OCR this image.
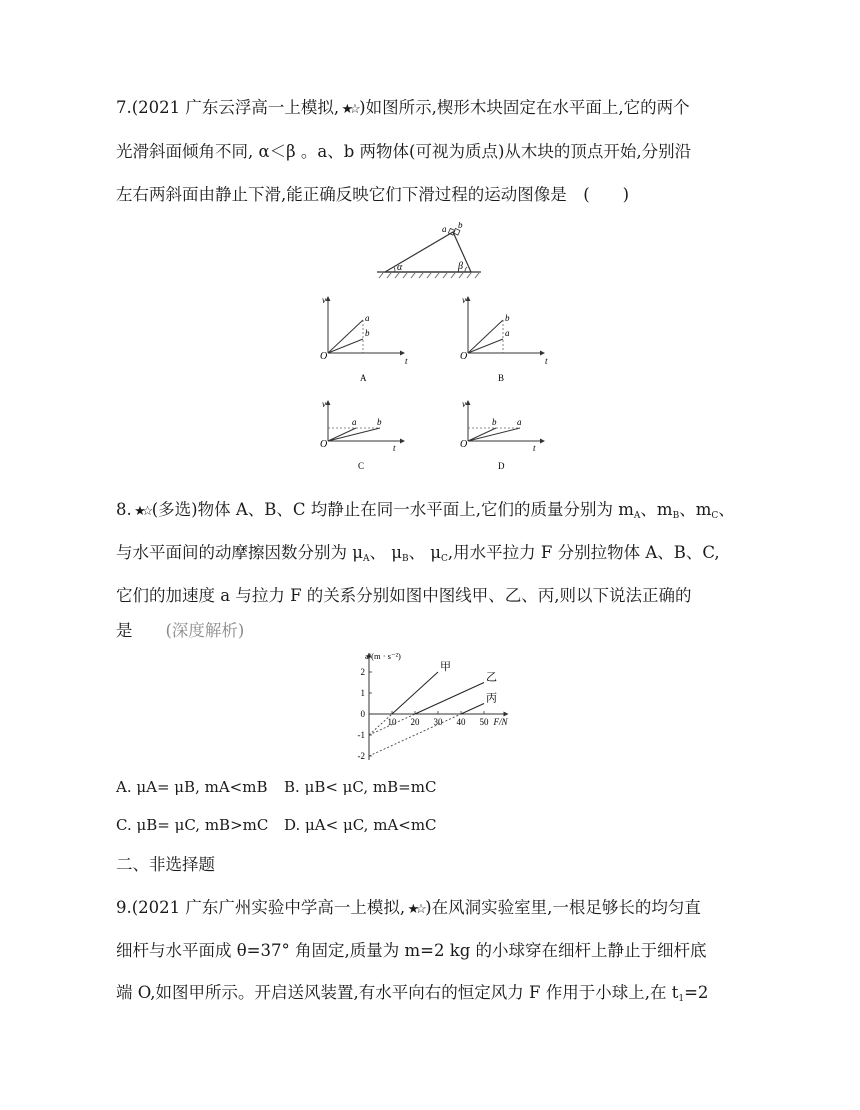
7.(2021 广东云浮高一上模拟, ★☆ )如图所示,楔形木块固定在水平面上,它的两个
光滑斜面倾角不同, α＜β 。a、b 两物体(可视为质点)从木块的顶点开始,分别沿
左右两斜面由静止下滑,能正确反映它们下滑过程的运动图像是　(　　)
α	β
a b
v
t
O
a
b
A
v
t
O
b
a
B
v
t
O
a b
C
v
t
O
b a
D
8. ★☆ (多选)物体 A、B、C 均静止在同一水平面上,它们的质量分别为 $m_A$、$m_B$、$m_C$、
与水平面间的动摩擦因数分别为 $\mu_A$、 $\mu_B$、 $\mu_C$,用水平拉力 F 分别拉物体 A、B、C,
它们的加速度 a 与拉力 F 的关系分别如图中图线甲、乙、丙,则以下说法正确的
是　　 (深度解析)
a/(m · s⁻²)
F/N
2
1
0
-1
-2
10 20 30 40 50
甲
乙
丙
A. μA= μB, mA<mB B. μB< μC, mB=mC
C. μB= μC, mB>mC D. μA< μC, mA<mC
二、非选择题
9.(2021 广东广州实验中学高一上模拟, ★☆ )在风洞实验室里,一根足够长的均匀直
细杆与水平面成 θ=37° 角固定,质量为 m=2 kg 的小球穿在细杆上静止于细杆底
端 O,如图甲所示。开启送风装置,有水平向右的恒定风力 F 作用于小球上,在 $t_1=2$
